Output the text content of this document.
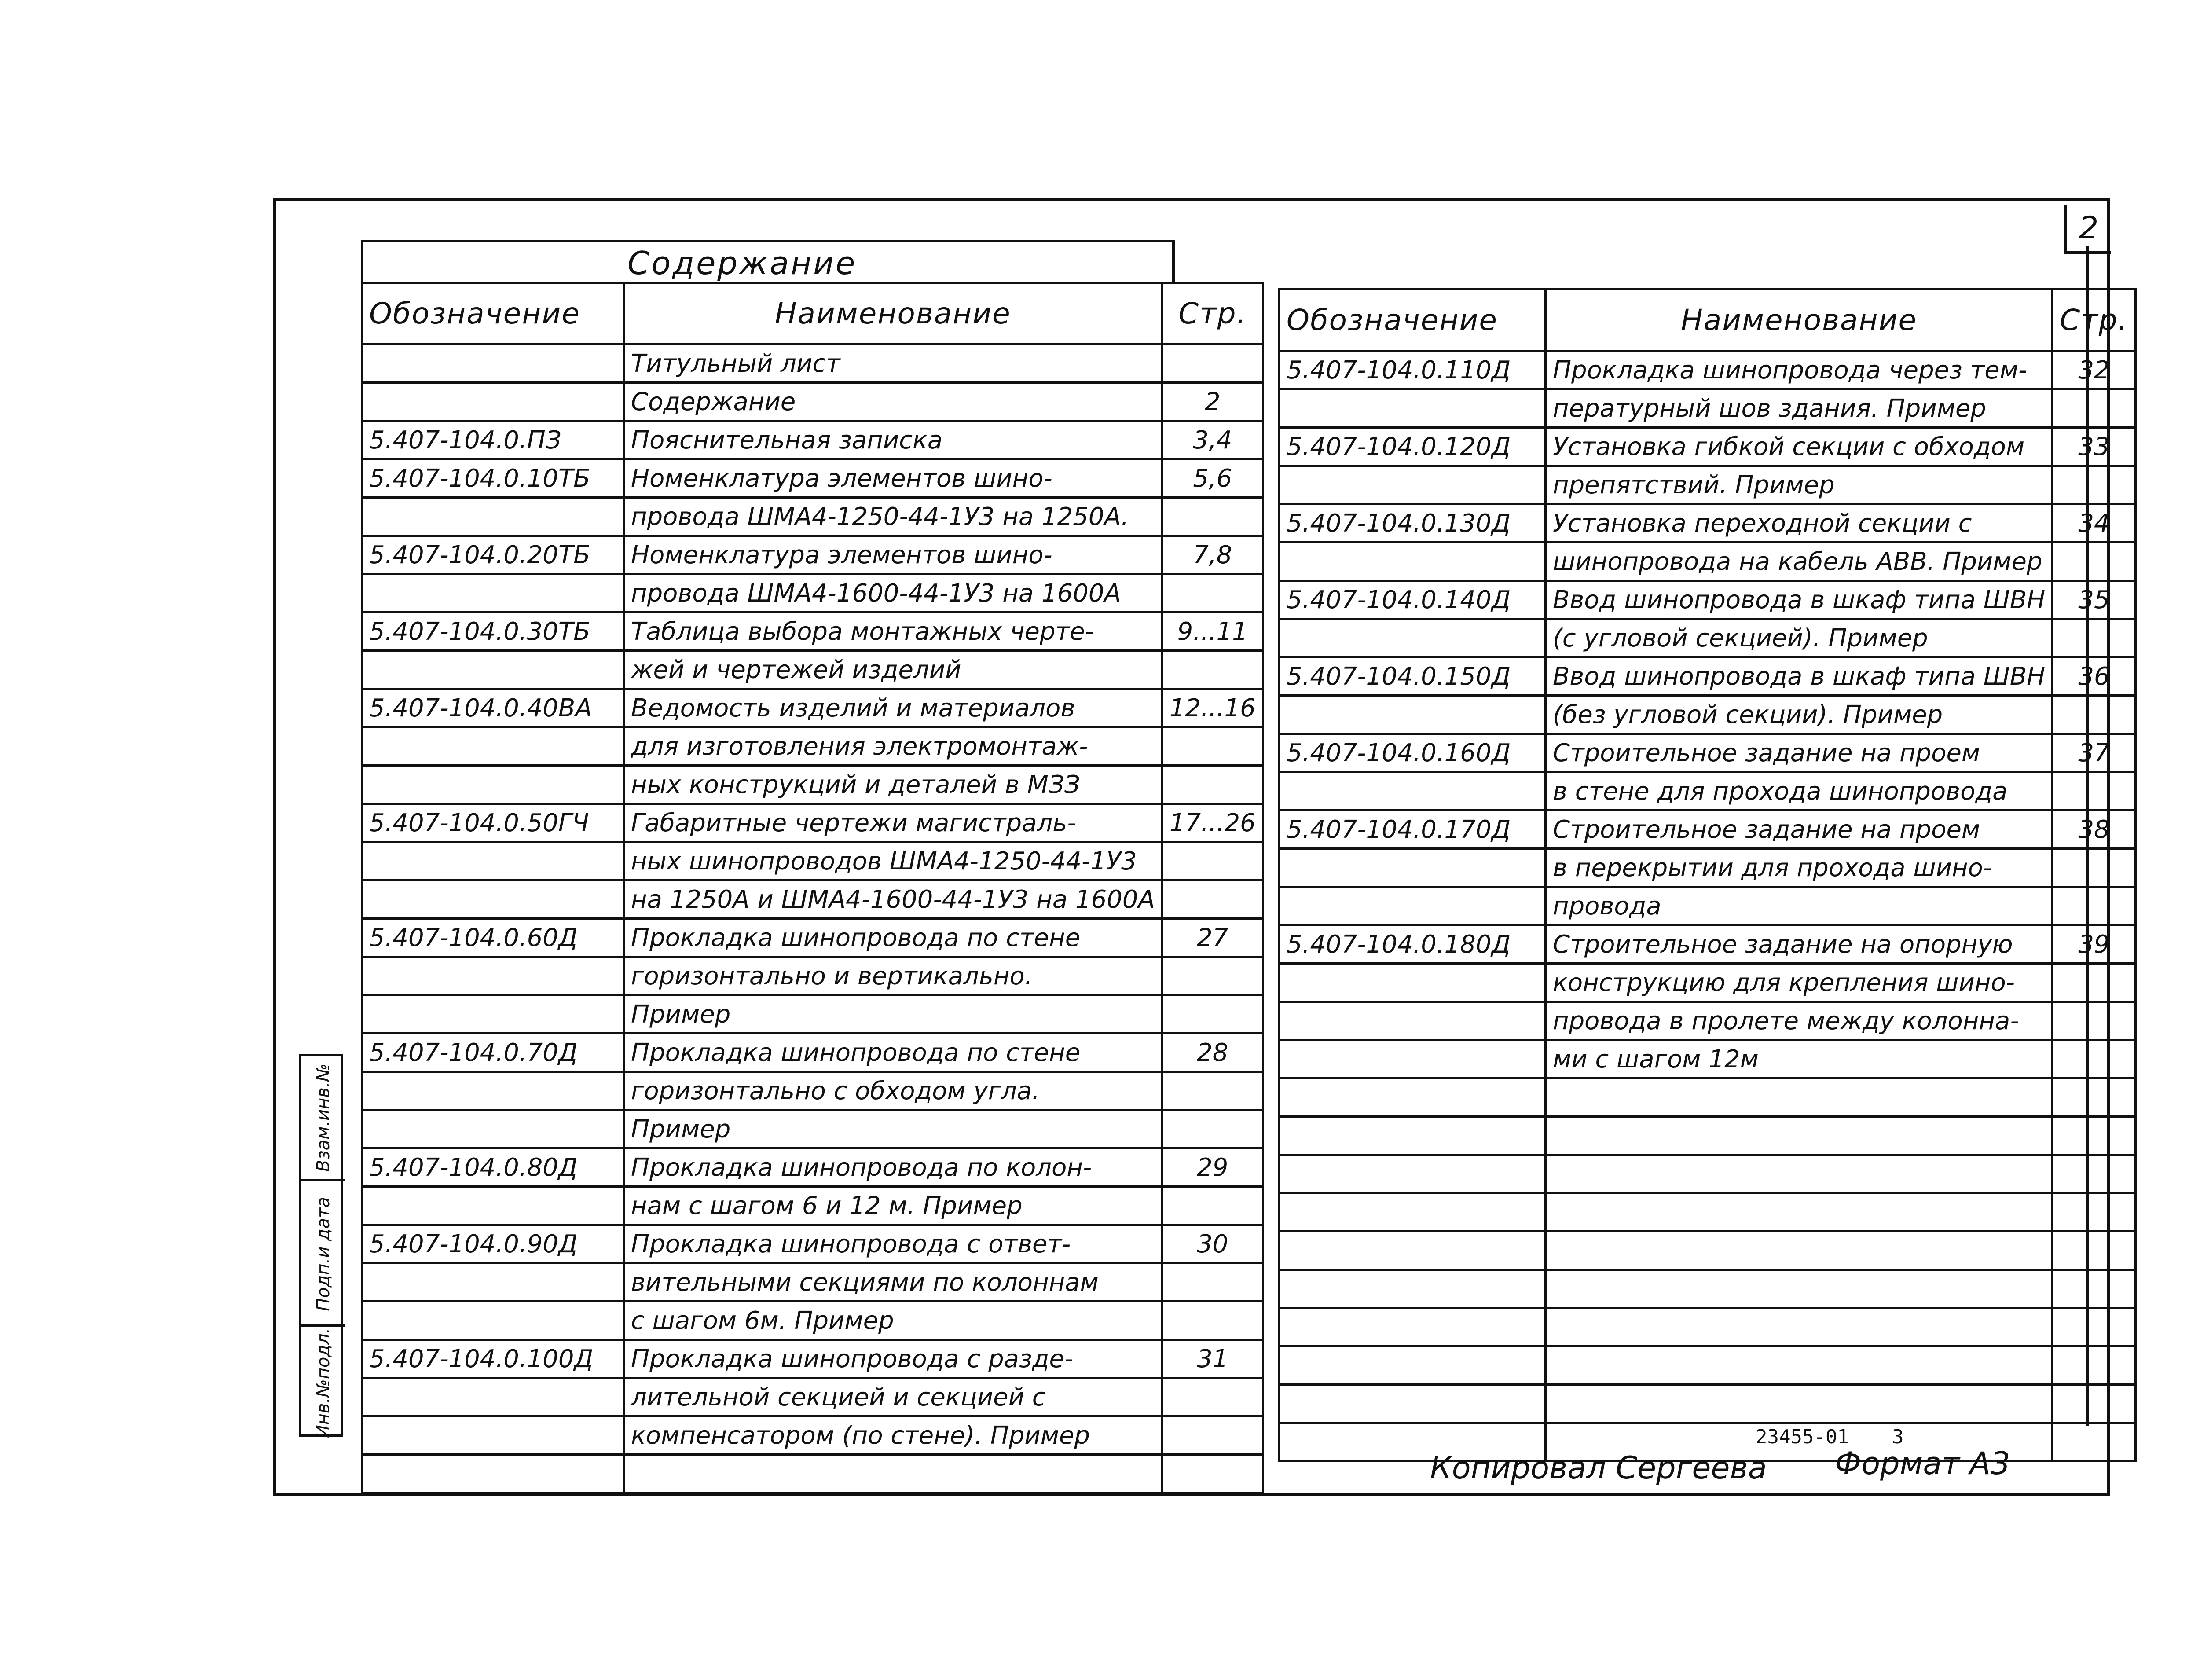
2
Содержание
Обозначение	Наименование	Стр.
	Титульный лист	
	Содержание	2
5.407-104.0.ПЗ	Пояснительная записка	3,4
5.407-104.0.10ТБ	Номенклатура элементов шино-	5,6
	провода ШМА4-1250-44-1У3 на 1250А.	
5.407-104.0.20ТБ	Номенклатура элементов шино-	7,8
	провода ШМА4-1600-44-1У3 на 1600А	
5.407-104.0.30ТБ	Таблица выбора монтажных черте-	9...11
	жей и чертежей изделий	
5.407-104.0.40ВА	Ведомость изделий и материалов	12...16
	для изготовления электромонтаж-	
	ных конструкций и деталей в МЗЗ	
5.407-104.0.50ГЧ	Габаритные чертежи магистраль-	17...26
	ных шинопроводов ШМА4-1250-44-1У3	
	на 1250А и ШМА4-1600-44-1У3 на 1600А	
5.407-104.0.60Д	Прокладка шинопровода по стене	27
	горизонтально и вертикально.	
	Пример	
5.407-104.0.70Д	Прокладка шинопровода по стене	28
	горизонтально с обходом угла.	
	Пример	
5.407-104.0.80Д	Прокладка шинопровода по колон-	29
	нам с шагом 6 и 12 м. Пример	
5.407-104.0.90Д	Прокладка шинопровода с ответ-	30
	вительными секциями по колоннам	
	с шагом 6м. Пример	
5.407-104.0.100Д	Прокладка шинопровода с разде-	31
	лительной секцией и секцией с	
	компенсатором (по стене). Пример	

Обозначение	Наименование	Стр.
5.407-104.0.110Д	Прокладка шинопровода через тем-	32
	пературный шов здания. Пример	
5.407-104.0.120Д	Установка гибкой секции с обходом	33
	препятствий. Пример	
5.407-104.0.130Д	Установка переходной секции с	34
	шинопровода на кабель АВВ. Пример	
5.407-104.0.140Д	Ввод шинопровода в шкаф типа ШВН	35
	(с угловой секцией). Пример	
5.407-104.0.150Д	Ввод шинопровода в шкаф типа ШВН	36
	(без угловой секции). Пример	
5.407-104.0.160Д	Строительное задание на проем	37
	в стене для прохода шинопровода	
5.407-104.0.170Д	Строительное задание на проем	38
	в перекрытии для прохода шино-	
	провода	
5.407-104.0.180Д	Строительное задание на опорную	39
	конструкцию для крепления шино-	
	провода в пролете между колонна-	
	ми с шагом 12м	

Взам.инв.№
Подп.и дата
Инв.№подл.	23455-01 3
Копировал Сергеева Формат А3
